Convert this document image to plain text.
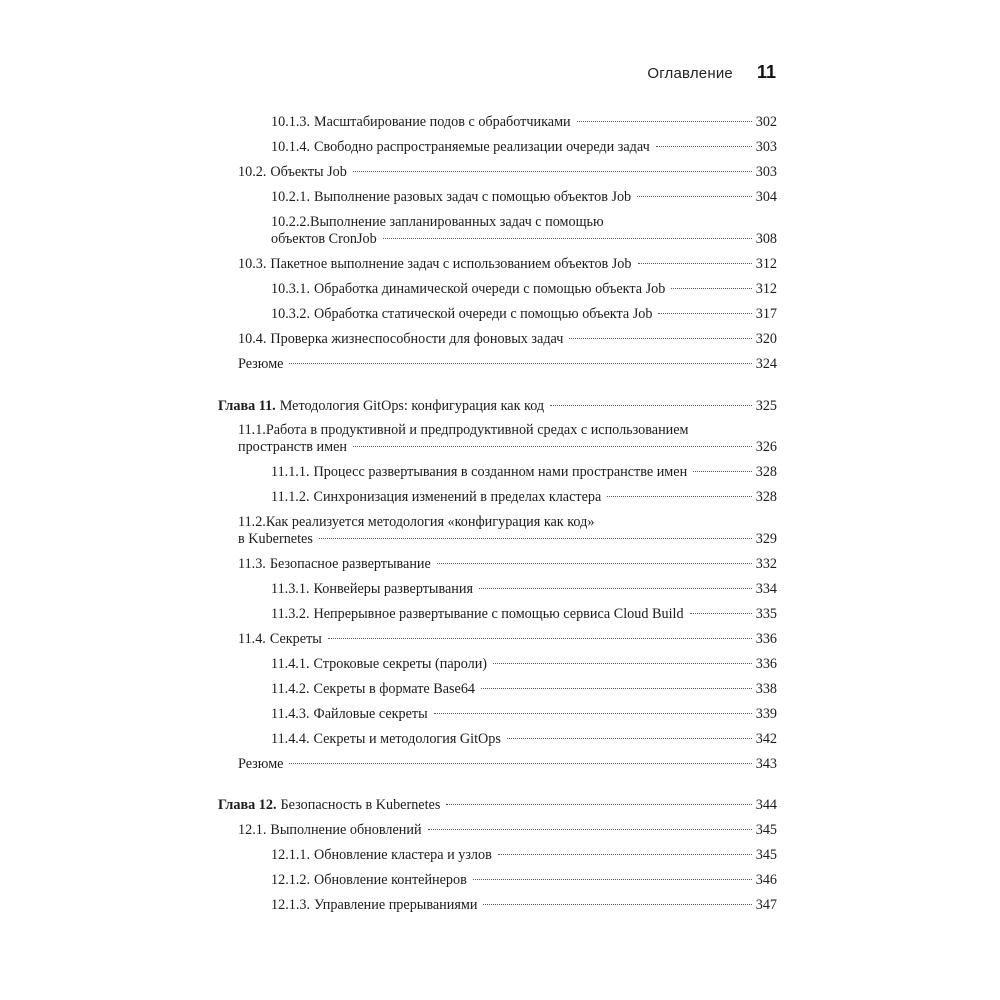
Оглавление 11
10.1.3. Масштабирование подов с обработчиками	302
10.1.4. Свободно распространяемые реализации очереди задач	303
10.2. Объекты Job	303
10.2.1. Выполнение разовых задач с помощью объектов Job	304
10.2.2.Выполнение запланированных задач с помощью
объектов CronJob	308
10.3. Пакетное выполнение задач с использованием объектов Job	312
10.3.1. Обработка динамической очереди с помощью объекта Job	312
10.3.2. Обработка статической очереди с помощью объекта Job	317
10.4. Проверка жизнеспособности для фоновых задач	320
Резюме	324
Глава 11. Методология GitOps: конфигурация как код	325
11.1.Работа в продуктивной и предпродуктивной средах с использованием
пространств имен	326
11.1.1. Процесс развертывания в созданном нами пространстве имен	328
11.1.2. Синхронизация изменений в пределах кластера	328
11.2.Как реализуется методология «конфигурация как код»
в Kubernetes	329
11.3. Безопасное развертывание	332
11.3.1. Конвейеры развертывания	334
11.3.2. Непрерывное развертывание с помощью сервиса Cloud Build	335
11.4. Секреты	336
11.4.1. Строковые секреты (пароли)	336
11.4.2. Секреты в формате Base64	338
11.4.3. Файловые секреты	339
11.4.4. Секреты и методология GitOps	342
Резюме	343
Глава 12. Безопасность в Kubernetes	344
12.1. Выполнение обновлений	345
12.1.1. Обновление кластера и узлов	345
12.1.2. Обновление контейнеров	346
12.1.3. Управление прерываниями	347
